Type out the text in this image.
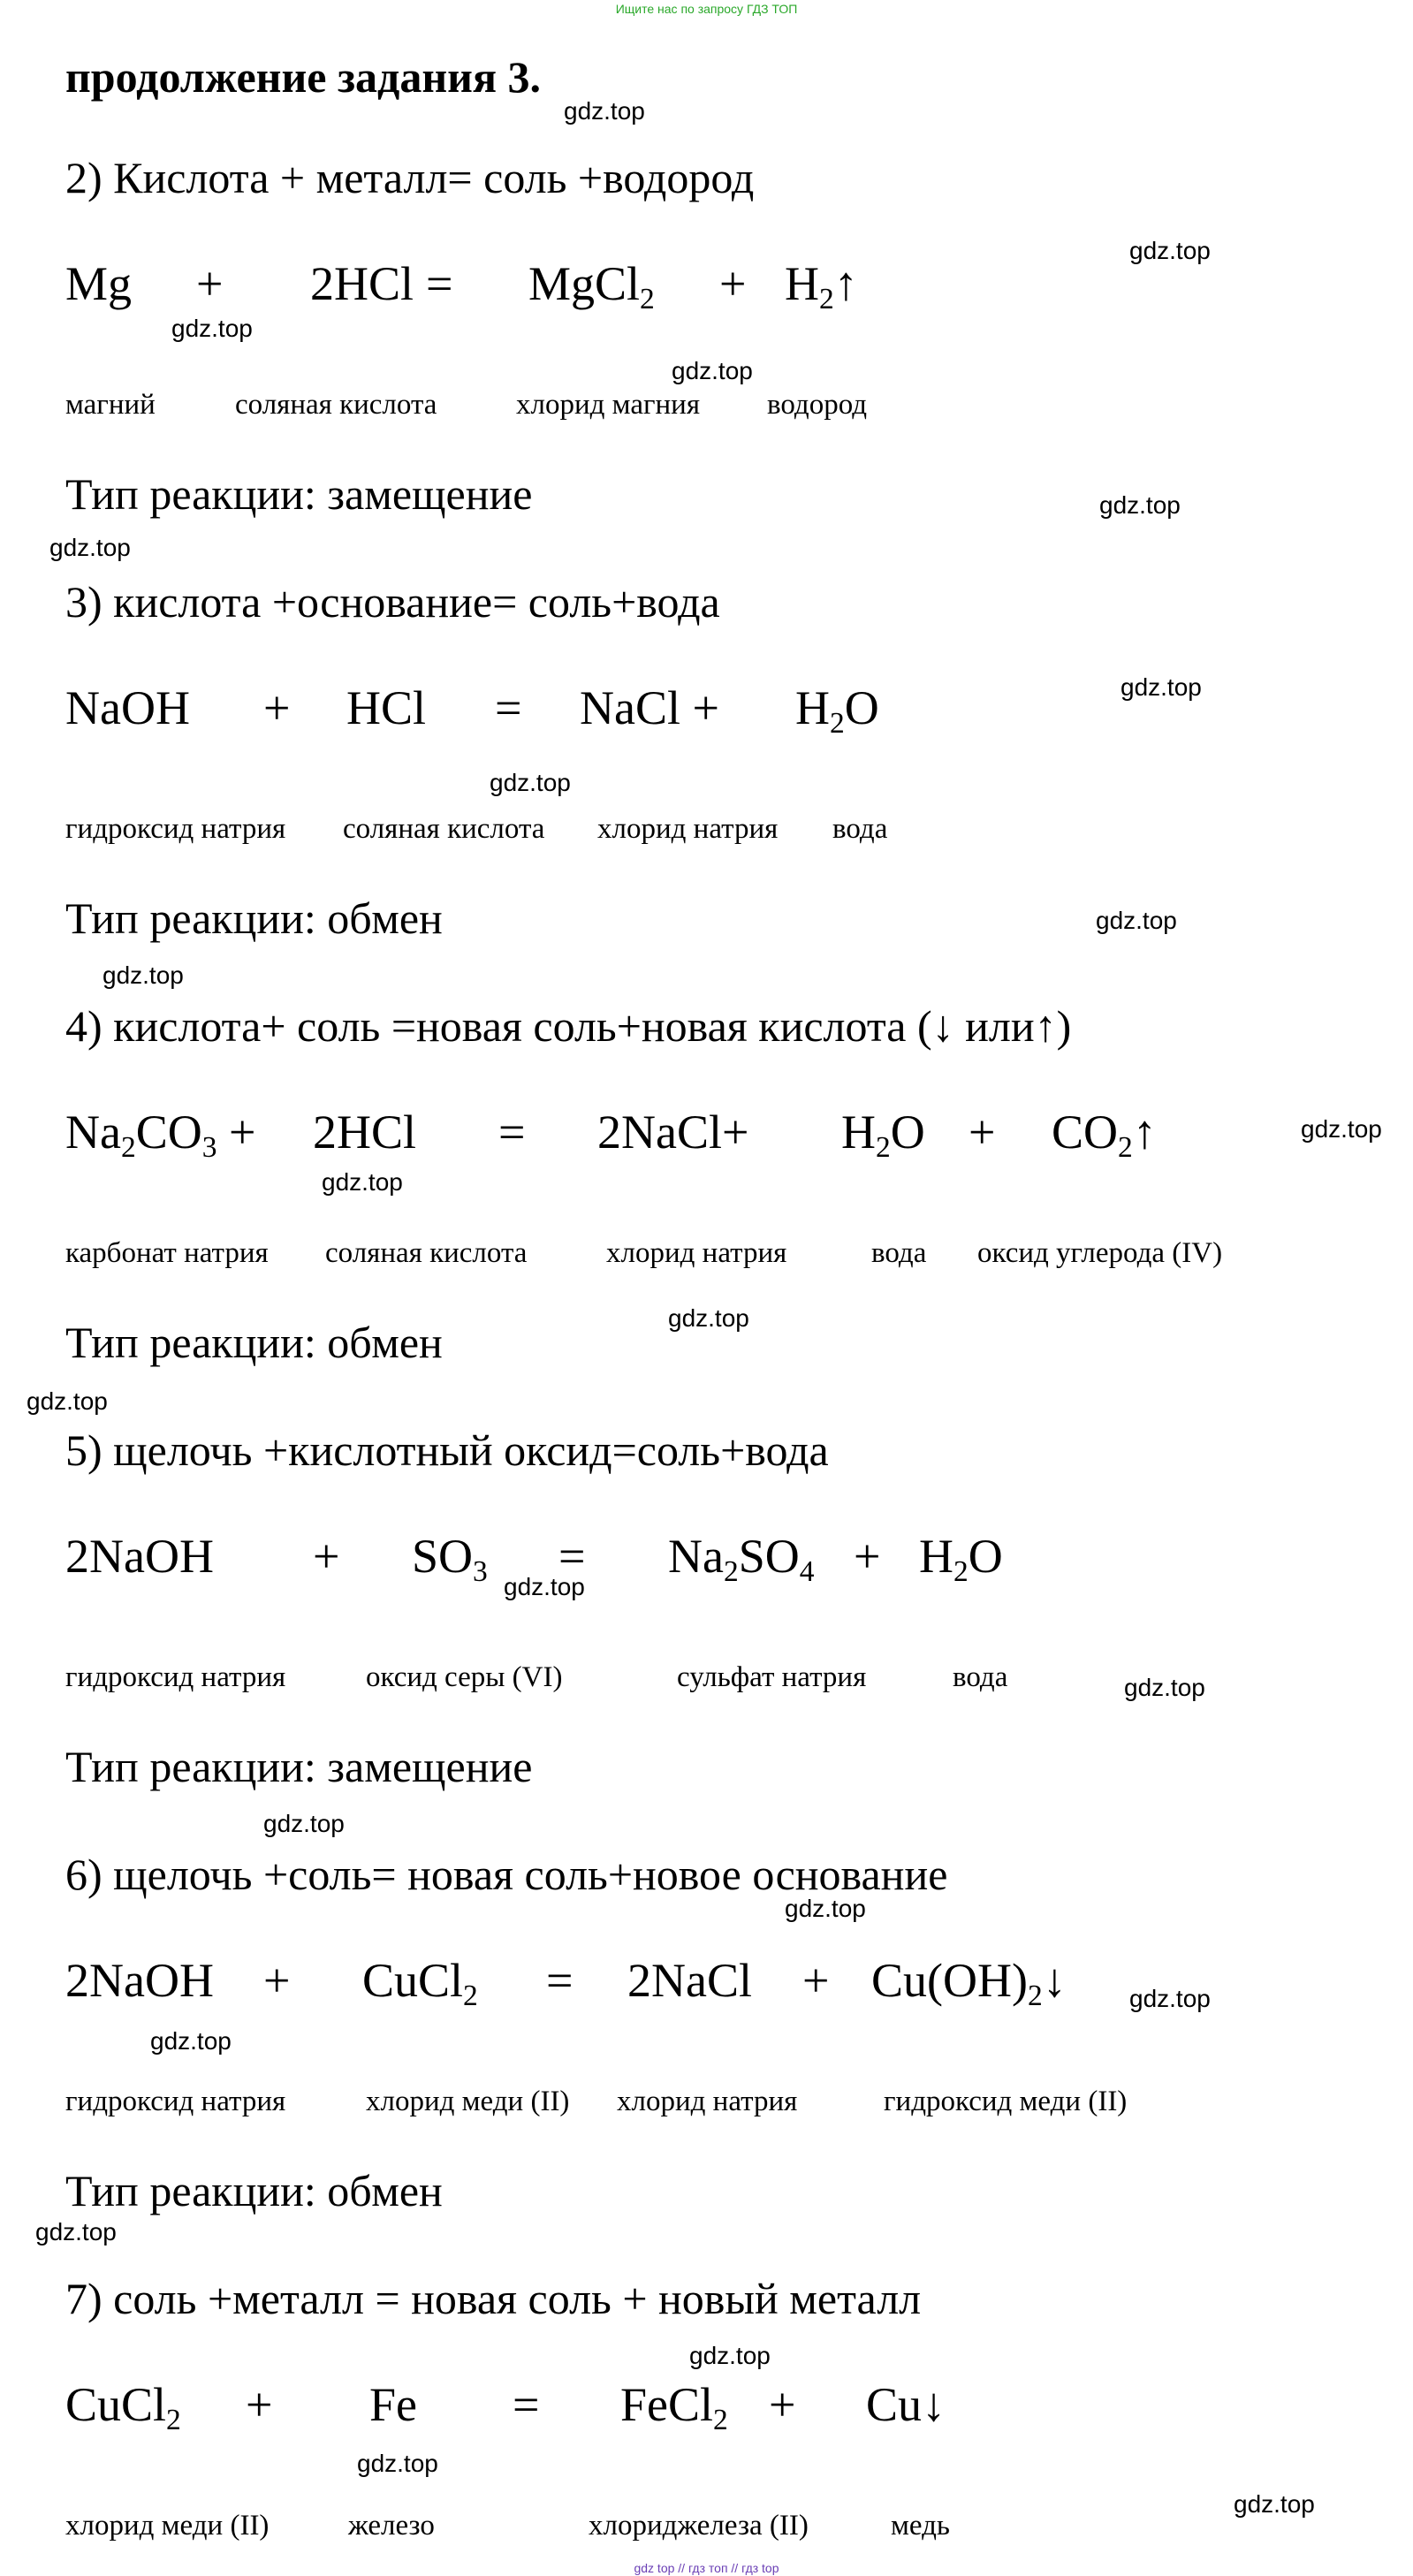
Ищите нас по запросу ГДЗ ТОП
продолжение задания 3.
2) Кислота + металл= соль +водород
Mg + 2HCl = MgCl$_2$ + $H_2↑$
магний	соляная кислота	хлорид магния водород
Тип реакции: замещение
3) кислота +основание= соль+вода
NaOH + HCl = NaCl + $H_2O$
гидроксид натрия соляная кислота хлорид натрия вода
Тип реакции: обмен
4) кислота+ соль =новая соль+новая кислота (↓ или↑)
$Na_2CO_3 + 2HCl$ = 2NaCl+ $H_2O$ + $CO_2↑$
карбонат натрия соляная кислота	хлорид натрия	вода оксид углерода (IV)
Тип реакции: обмен
5) щелочь +кислотный оксид=соль+вода
2NaOH + $SO_3 = Na_2SO_4 + H_2O$
гидроксид натрия	оксид серы (VI)	сульфат натрия	вода
Тип реакции: замещение
6) щелочь +соль= новая соль+новое основание
2NaOH + CuCl$_2$ = 2NaCl + $Cu(OH)_2↓$
гидроксид натрия	хлорид меди (II) хлорид натрия	гидроксид меди (II)
Тип реакции: обмен
7) соль +металл = новая соль + новый металл
CuCl$_2$ + Fe = FeCl$_2$ + Cu↓
хлорид меди (II)	железо	хлориджелеза (II)	медь
gdz.top
gdz.top
gdz.top
gdz.top
gdz.top
gdz.top
gdz.top
gdz.top
gdz.top
gdz.top
gdz.top
gdz.top
gdz.top
gdz.top
gdz.top
gdz.top
gdz.top
gdz.top
gdz.top
gdz.top
gdz.top
gdz.top
gdz.top
gdz.top
gdz top // гдз топ // гдз top
